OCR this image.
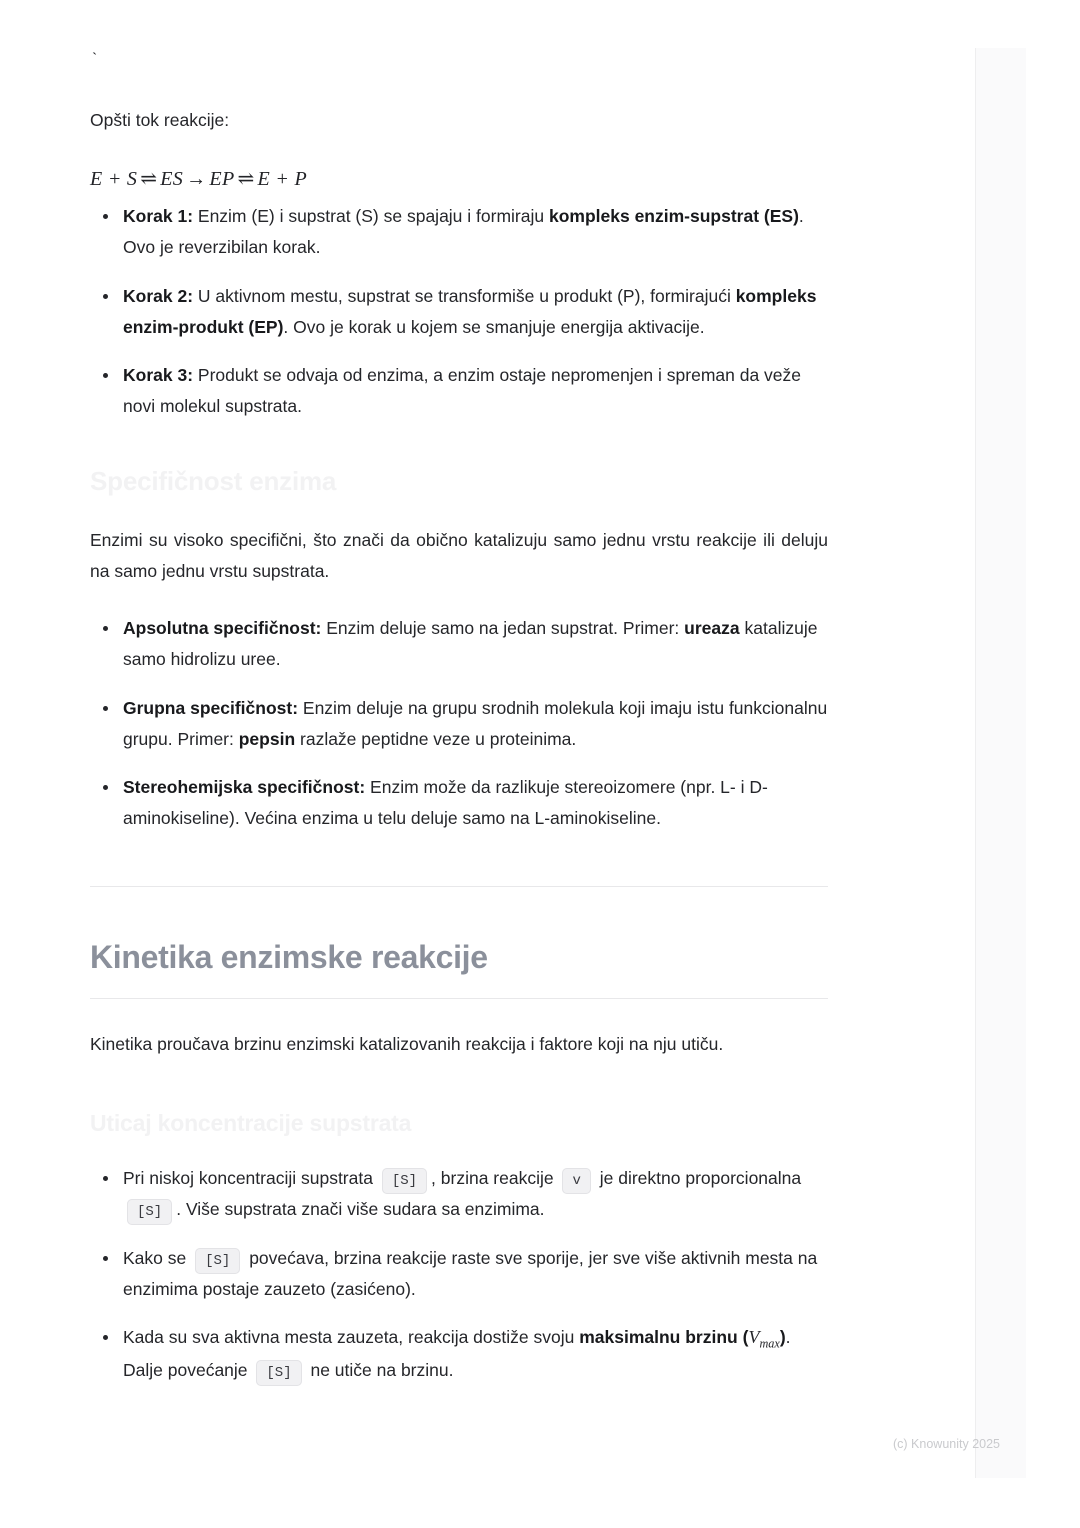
`

Opšti tok reakcije:

E + S ⇌ ES → EP ⇌ E + P
Korak 1: Enzim (E) i supstrat (S) se spajaju i formiraju kompleks enzim-supstrat (ES). Ovo je reverzibilan korak.
Korak 2: U aktivnom mestu, supstrat se transformiše u produkt (P), formirajući kompleks enzim-produkt (EP). Ovo je korak u kojem se smanjuje energija aktivacije.
Korak 3: Produkt se odvaja od enzima, a enzim ostaje nepromenjen i spreman da veže novi molekul supstrata.
Specifičnost enzima

Enzimi su visoko specifični, što znači da obično katalizuju samo jednu vrstu reakcije ili deluju na samo jednu vrstu supstrata.

Apsolutna specifičnost: Enzim deluje samo na jedan supstrat. Primer: ureaza katalizuje samo hidrolizu uree.
Grupna specifičnost: Enzim deluje na grupu srodnih molekula koji imaju istu funkcionalnu grupu. Primer: pepsin razlaže peptidne veze u proteinima.
Stereohemijska specifičnost: Enzim može da razlikuje stereoizomere (npr. L- i D-aminokiseline). Većina enzima u telu deluje samo na L-aminokiseline.
Kinetika enzimske reakcije

Kinetika proučava brzinu enzimski katalizovanih reakcija i faktore koji na nju utiču.

Uticaj koncentracije supstrata
Pri niskoj koncentraciji supstrata [S] , brzina reakcije v je direktno proporcionalna [S] . Više supstrata znači više sudara sa enzimima.
Kako se [S] povećava, brzina reakcije raste sve sporije, jer sve više aktivnih mesta na enzimima postaje zauzeto (zasićeno).
Kada su sva aktivna mesta zauzeta, reakcija dostiže svoju maksimalnu brzinu $(V_{max})$. Dalje povećanje [S] ne utiče na brzinu.
(c) Knowunity 2025
